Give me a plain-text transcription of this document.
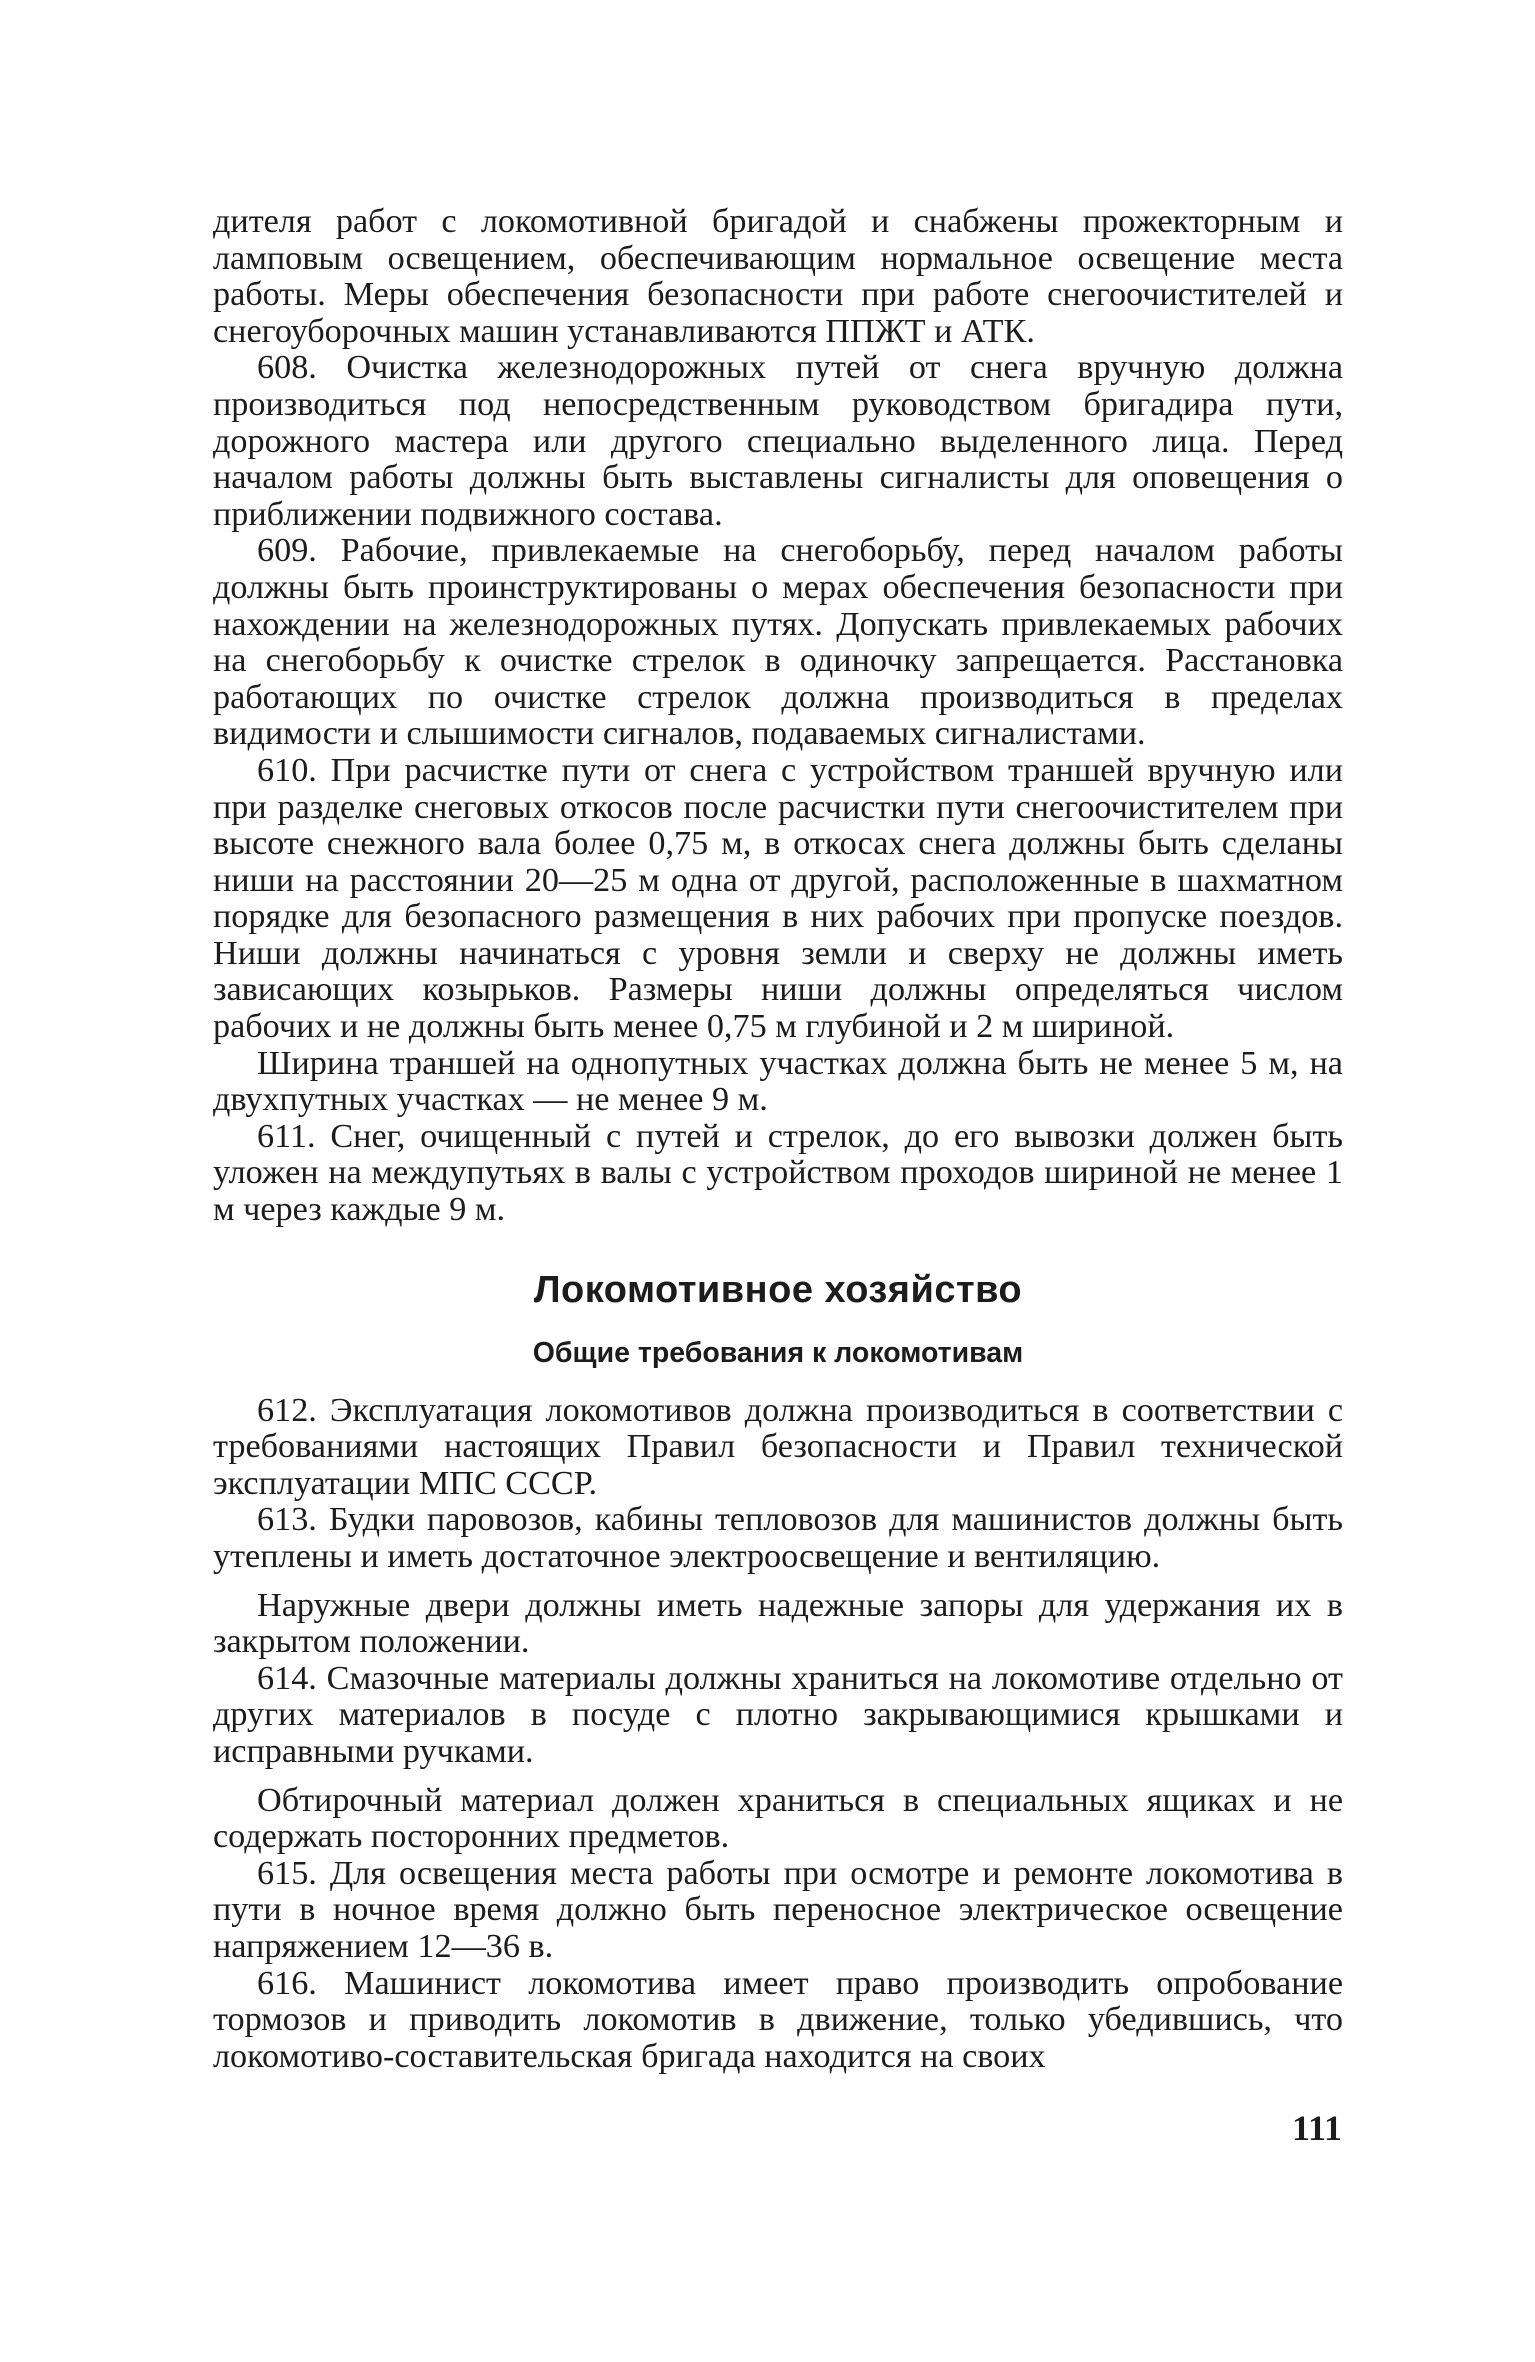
дителя работ с локомотивной бригадой и снабжены прожекторным и ламповым освещением, обеспечивающим нормальное освещение места работы. Меры обеспечения безопасности при работе снегоочистителей и снегоуборочных машин устанавливаются ППЖТ и АТК.

608. Очистка железнодорожных путей от снега вручную должна производиться под непосредственным руководством бригадира пути, дорожного мастера или другого специально выделенного лица. Перед началом работы должны быть выставлены сигналисты для оповещения о приближении подвижного состава.

609. Рабочие, привлекаемые на снегоборьбу, перед началом работы должны быть проинструктированы о мерах обеспечения безопасности при нахождении на железнодорожных путях. Допускать привлекаемых рабочих на снегоборьбу к очистке стрелок в одиночку запрещается. Расстановка работающих по очистке стрелок должна производиться в пределах видимости и слышимости сигналов, подаваемых сигналистами.

610. При расчистке пути от снега с устройством траншей вручную или при разделке снеговых откосов после расчистки пути снегоочистителем при высоте снежного вала более 0,75 м, в откосах снега должны быть сделаны ниши на расстоянии 20—25 м одна от другой, расположенные в шахматном порядке для безопасного размещения в них рабочих при пропуске поездов. Ниши должны начинаться с уровня земли и сверху не должны иметь зависающих козырьков. Размеры ниши должны определяться числом рабочих и не должны быть менее 0,75 м глубиной и 2 м шириной.

Ширина траншей на однопутных участках должна быть не менее 5 м, на двухпутных участках — не менее 9 м.

611. Снег, очищенный с путей и стрелок, до его вывозки должен быть уложен на междупутьях в валы с устройством проходов шириной не менее 1 м через каждые 9 м.

Локомотивное хозяйство
Общие требования к локомотивам

612. Эксплуатация локомотивов должна производиться в соответствии с требованиями настоящих Правил безопасности и Правил технической эксплуатации МПС СССР.

613. Будки паровозов, кабины тепловозов для машинистов должны быть утеплены и иметь достаточное электроосвещение и вентиляцию.

Наружные двери должны иметь надежные запоры для удержания их в закрытом положении.

614. Смазочные материалы должны храниться на локомотиве отдельно от других материалов в посуде с плотно закрывающимися крышками и исправными ручками.

Обтирочный материал должен храниться в специальных ящиках и не содержать посторонних предметов.

615. Для освещения места работы при осмотре и ремонте локомотива в пути в ночное время должно быть переносное электрическое освещение напряжением 12—36 в.

616. Машинист локомотива имеет право производить опробование тормозов и приводить локомотив в движение, только убедившись, что локомотиво-составительская бригада находится на своих

111
